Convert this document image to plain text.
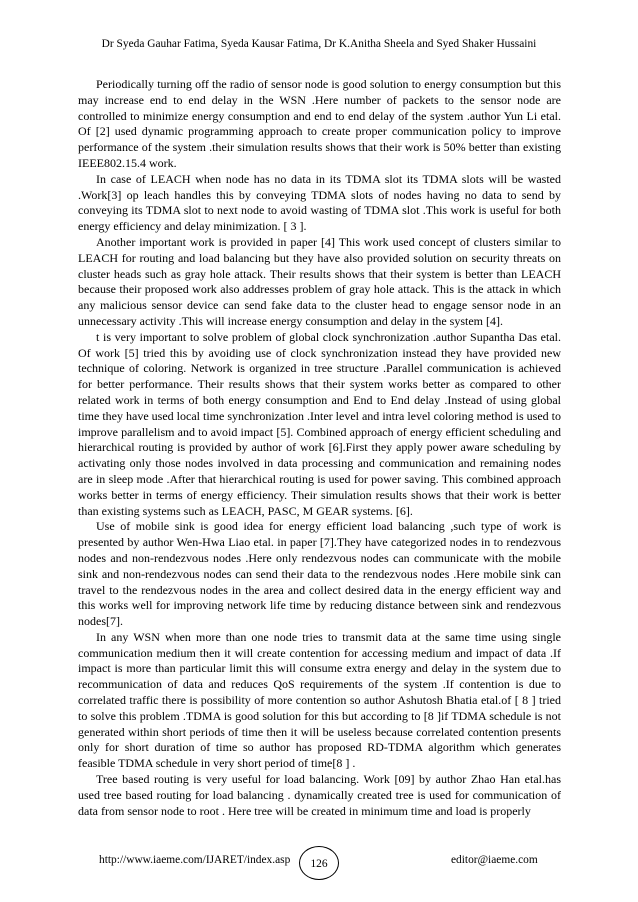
Dr Syeda Gauhar Fatima, Syeda Kausar Fatima, Dr K.Anitha Sheela and Syed Shaker Hussaini

Periodically turning off the radio of sensor node is good solution to energy consumption but this may increase end to end delay in the WSN .Here number of packets to the sensor node are controlled to minimize energy consumption and end to end delay of the system .author Yun Li etal. Of [2] used dynamic programming approach to create proper communication policy to improve performance of the system .their simulation results shows that their work is 50% better than existing IEEE802.15.4 work.

In case of LEACH when node has no data in its TDMA slot its TDMA slots will be wasted .Work[3] op leach handles this by conveying TDMA slots of nodes having no data to send by conveying its TDMA slot to next node to avoid wasting of TDMA slot .This work is useful for both energy efficiency and delay minimization. [ 3 ].

Another important work is provided in paper [4] This work used concept of clusters similar to LEACH for routing and load balancing but they have also provided solution on security threats on cluster heads such as gray hole attack. Their results shows that their system is better than LEACH because their proposed work also addresses problem of gray hole attack. This is the attack in which any malicious sensor device can send fake data to the cluster head to engage sensor node in an unnecessary activity .This will increase energy consumption and delay in the system [4].

t is very important to solve problem of global clock synchronization .author Supantha Das etal. Of work [5] tried this by avoiding use of clock synchronization instead they have provided new technique of coloring. Network is organized in tree structure .Parallel communication is achieved for better performance. Their results shows that their system works better as compared to other related work in terms of both energy consumption and End to End delay .Instead of using global time they have used local time synchronization .Inter level and intra level coloring method is used to improve parallelism and to avoid impact [5]. Combined approach of energy efficient scheduling and hierarchical routing is provided by author of work [6].First they apply power aware scheduling by activating only those nodes involved in data processing and communication and remaining nodes are in sleep mode .After that hierarchical routing is used for power saving. This combined approach works better in terms of energy efficiency. Their simulation results shows that their work is better than existing systems such as LEACH, PASC, M GEAR systems. [6].

Use of mobile sink is good idea for energy efficient load balancing ,such type of work is presented by author Wen-Hwa Liao etal. in paper [7].They have categorized nodes in to rendezvous nodes and non-rendezvous nodes .Here only rendezvous nodes can communicate with the mobile sink and non-rendezvous nodes can send their data to the rendezvous nodes .Here mobile sink can travel to the rendezvous nodes in the area and collect desired data in the energy efficient way and this works well for improving network life time by reducing distance between sink and rendezvous nodes[7].

In any WSN when more than one node tries to transmit data at the same time using single communication medium then it will create contention for accessing medium and impact of data .If impact is more than particular limit this will consume extra energy and delay in the system due to recommunication of data and reduces QoS requirements of the system .If contention is due to correlated traffic there is possibility of more contention so author Ashutosh Bhatia etal.of [ 8 ] tried to solve this problem .TDMA is good solution for this but according to [8 ]if TDMA schedule is not generated within short periods of time then it will be useless because correlated contention presents only for short duration of time so author has proposed RD-TDMA algorithm which generates feasible TDMA schedule in very short period of time[8 ] .

Tree based routing is very useful for load balancing. Work [09] by author Zhao Han etal.has used tree based routing for load balancing . dynamically created tree is used for communication of data from sensor node to root . Here tree will be created in minimum time and load is properly

http://www.iaeme.com/IJARET/index.asp	126	editor@iaeme.com
